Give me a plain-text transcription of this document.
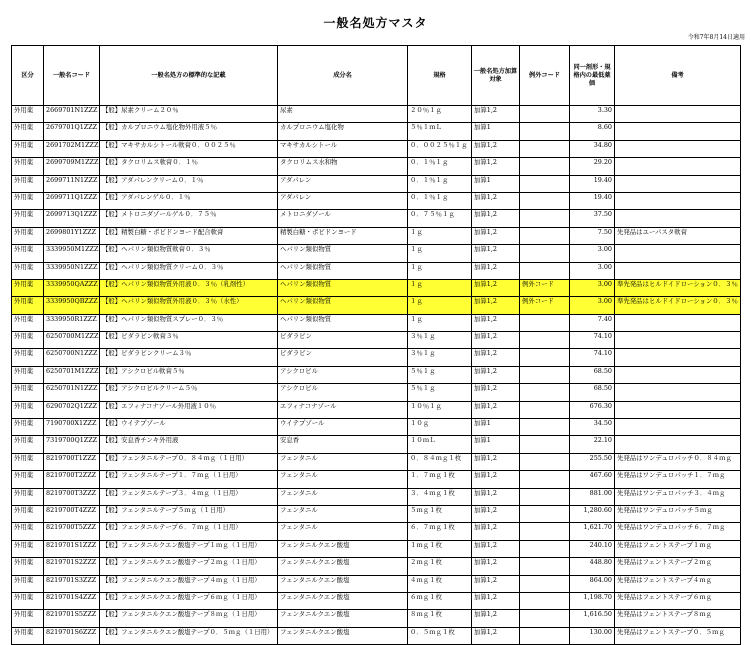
一般名処方マスタ
令和7年8月14日適用
区分	一般名コード	一般名処方の標準的な記載	成分名	規格	一般名処方加算対象	例外コード	同一剤形・規格内の最低薬価	備考
外用薬	2669701N1ZZZ	【般】尿素クリーム２０％	尿素	２０％１ｇ	加算1,2		3.30	
外用薬	2679701Q1ZZZ	【般】カルプロニウム塩化物外用液５％	カルプロニウム塩化物	５％１ｍＬ	加算1		8.60	
外用薬	2691702M1ZZZ	【般】マキサカルシトール軟膏０．００２５％	マキサカルシトール	０．００２５％１ｇ	加算1,2		34.80	
外用薬	2699709M1ZZZ	【般】タクロリムス軟膏０．１％	タクロリムス水和物	０．１％１ｇ	加算1,2		29.20	
外用薬	2699711N1ZZZ	【般】アダパレンクリーム０．１％	アダパレン	０．１％１ｇ	加算1		19.40	
外用薬	2699711Q1ZZZ	【般】アダパレンゲル０．１％	アダパレン	０．１％１ｇ	加算1,2		19.40	
外用薬	2699713Q1ZZZ	【般】メトロニダゾールゲル０．７５％	メトロニダゾール	０．７５％１ｇ	加算1,2		37.50	
外用薬	2699801Y1ZZZ	【般】精製白糖・ポビドンヨード配合軟膏	精製白糖・ポビドンヨード	１ｇ	加算1,2		7.50	先発品はユーパスタ軟膏
外用薬	3339950M1ZZZ	【般】ヘパリン類似物質軟膏０．３％	ヘパリン類似物質	１ｇ	加算1,2		3.00	
外用薬	3339950N1ZZZ	【般】ヘパリン類似物質クリーム０．３％	ヘパリン類似物質	１ｇ	加算1,2		3.00	
外用薬	3339950QAZZZ	【般】ヘパリン類似物質外用液０．３％（乳剤性）	ヘパリン類似物質	１ｇ	加算1,2	例外コード	3.00	準先発品はヒルドイドローション０．３％
外用薬	3339950QBZZZ	【般】ヘパリン類似物質外用液０．３％（水性）	ヘパリン類似物質	１ｇ	加算1,2	例外コード	3.00	準先発品はヒルドイドローション０．３％
外用薬	3339950R1ZZZ	【般】ヘパリン類似物質スプレー０．３％	ヘパリン類似物質	１ｇ	加算1,2		7.40	
外用薬	6250700M1ZZZ	【般】ビダラビン軟膏３％	ビダラビン	３％１ｇ	加算1,2		74.10	
外用薬	6250700N1ZZZ	【般】ビダラビンクリーム３％	ビダラビン	３％１ｇ	加算1,2		74.10	
外用薬	6250701M1ZZZ	【般】アシクロビル軟膏５％	アシクロビル	５％１ｇ	加算1,2		68.50	
外用薬	6250701N1ZZZ	【般】アシクロビルクリーム５％	アシクロビル	５％１ｇ	加算1,2		68.50	
外用薬	6290702Q1ZZZ	【般】エフィナコナゾール外用液１０％	エフィナコナゾール	１０％１ｇ	加算1,2		676.30	
外用薬	7190700X1ZZZ	【般】ウイテプゾール	ウイテプゾール	１０ｇ	加算1		34.50	
外用薬	7319700Q1ZZZ	【般】安息香チンキ外用液	安息香	１０ｍＬ	加算1		22.10	
外用薬	8219700T1ZZZ	【般】フェンタニルテープ０．８４ｍｇ（１日用）	フェンタニル	０．８４ｍｇ１枚	加算1,2		255.50	先発品はワンデュロパッチ０．８４ｍｇ
外用薬	8219700T2ZZZ	【般】フェンタニルテープ１．７ｍｇ（１日用）	フェンタニル	１．７ｍｇ１枚	加算1,2		467.60	先発品はワンデュロパッチ１．７ｍｇ
外用薬	8219700T3ZZZ	【般】フェンタニルテープ３．４ｍｇ（１日用）	フェンタニル	３．４ｍｇ１枚	加算1,2		881.00	先発品はワンデュロパッチ３．４ｍｇ
外用薬	8219700T4ZZZ	【般】フェンタニルテープ５ｍｇ（１日用）	フェンタニル	５ｍｇ１枚	加算1,2		1,280.60	先発品はワンデュロパッチ５ｍｇ
外用薬	8219700T5ZZZ	【般】フェンタニルテープ６．７ｍｇ（１日用）	フェンタニル	６．７ｍｇ１枚	加算1,2		1,621.70	先発品はワンデュロパッチ６．７ｍｇ
外用薬	8219701S1ZZZ	【般】フェンタニルクエン酸塩テープ１ｍｇ（１日用）	フェンタニルクエン酸塩	１ｍｇ１枚	加算1,2		240.10	先発品はフェントステープ１ｍｇ
外用薬	8219701S2ZZZ	【般】フェンタニルクエン酸塩テープ２ｍｇ（１日用）	フェンタニルクエン酸塩	２ｍｇ１枚	加算1,2		448.80	先発品はフェントステープ２ｍｇ
外用薬	8219701S3ZZZ	【般】フェンタニルクエン酸塩テープ４ｍｇ（１日用）	フェンタニルクエン酸塩	４ｍｇ１枚	加算1,2		864.00	先発品はフェントステープ４ｍｇ
外用薬	8219701S4ZZZ	【般】フェンタニルクエン酸塩テープ６ｍｇ（１日用）	フェンタニルクエン酸塩	６ｍｇ１枚	加算1,2		1,198.70	先発品はフェントステープ６ｍｇ
外用薬	8219701S5ZZZ	【般】フェンタニルクエン酸塩テープ８ｍｇ（１日用）	フェンタニルクエン酸塩	８ｍｇ１枚	加算1,2		1,616.50	先発品はフェントステープ８ｍｇ
外用薬	8219701S6ZZZ	【般】フェンタニルクエン酸塩テープ０．５ｍｇ（１日用）	フェンタニルクエン酸塩	０．５ｍｇ１枚	加算1,2		130.00	先発品はフェントステープ０．５ｍｇ
